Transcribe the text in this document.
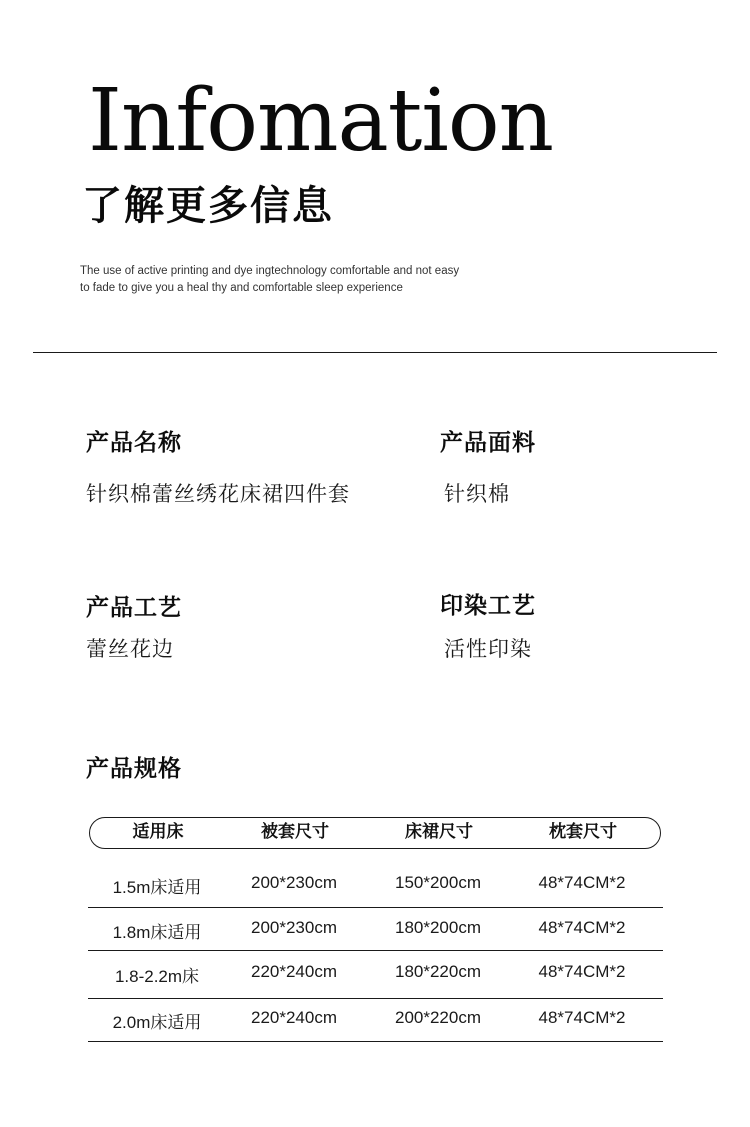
Infomation
了解更多信息
The use of active printing and dye ingtechnology comfortable and not easy
to fade to give you a heal thy and comfortable sleep experience
产品名称
针织棉蕾丝绣花床裙四件套
产品面料
针织棉
产品工艺
蕾丝花边
印染工艺
活性印染
产品规格
适用床	被套尺寸	床裙尺寸	枕套尺寸
1.5m床适用	200*230cm	150*200cm	48*74CM*2
1.8m床适用	200*230cm	180*200cm	48*74CM*2
1.8-2.2m床	220*240cm	180*220cm	48*74CM*2
2.0m床适用	220*240cm	200*220cm	48*74CM*2
